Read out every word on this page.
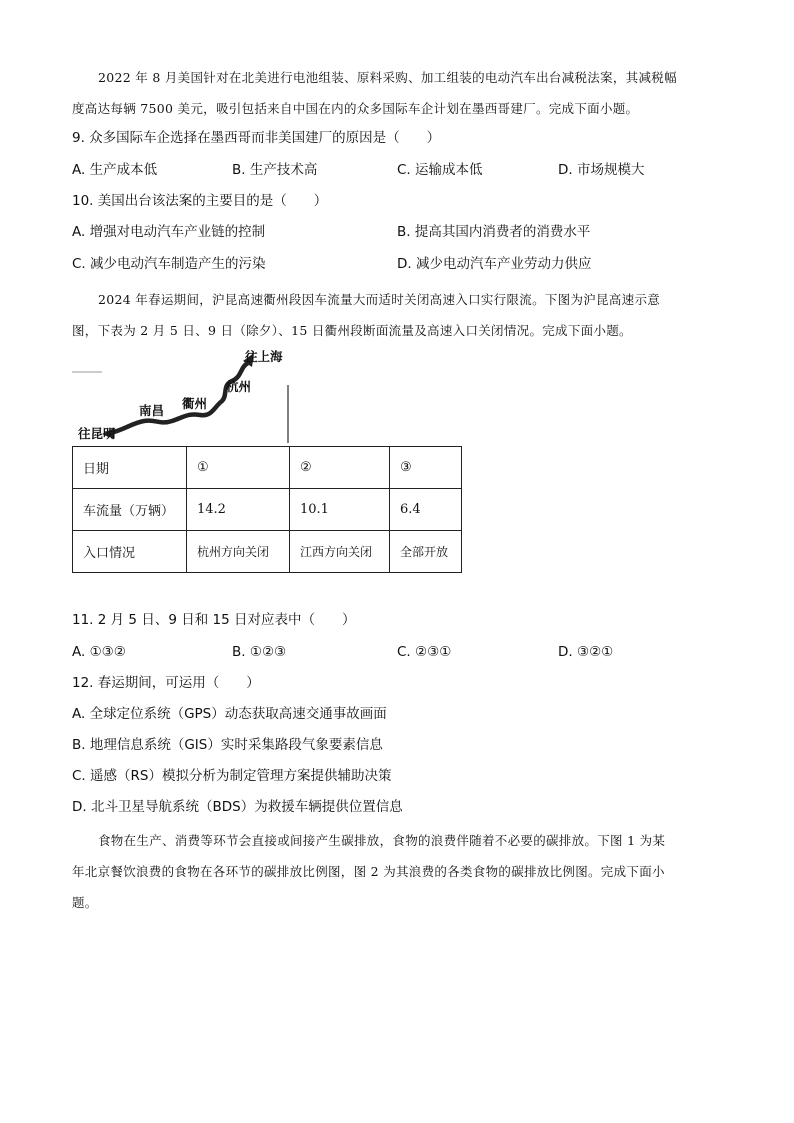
2022 年 8 月美国针对在北美进行电池组装、原料采购、加工组装的电动汽车出台减税法案，其减税幅
度高达每辆 7500 美元，吸引包括来自中国在内的众多国际车企计划在墨西哥建厂。完成下面小题。
9. 众多国际车企选择在墨西哥而非美国建厂的原因是（　　）
A. 生产成本低	B. 生产技术高	C. 运输成本低	D. 市场规模大
10. 美国出台该法案的主要目的是（　　）
A. 增强对电动汽车产业链的控制	B. 提高其国内消费者的消费水平
C. 减少电动汽车制造产生的污染	D. 减少电动汽车产业劳动力供应
2024 年春运期间，沪昆高速衢州段因车流量大而适时关闭高速入口实行限流。下图为沪昆高速示意
图，下表为 2 月 5 日、9 日（除夕）、15 日衢州段断面流量及高速入口关闭情况。完成下面小题。
往上海
杭州
衢州
南昌
往昆明
日期	①	②	③
车流量（万辆）	14.2	10.1	6.4
入口情况	杭州方向关闭	江西方向关闭	全部开放
11. 2 月 5 日、9 日和 15 日对应表中（　　）
A. ①③②	B. ①②③	C. ②③①	D. ③②①
12. 春运期间，可运用（　　）
A. 全球定位系统（GPS）动态获取高速交通事故画面
B. 地理信息系统（GIS）实时采集路段气象要素信息
C. 遥感（RS）模拟分析为制定管理方案提供辅助决策
D. 北斗卫星导航系统（BDS）为救援车辆提供位置信息
食物在生产、消费等环节会直接或间接产生碳排放，食物的浪费伴随着不必要的碳排放。下图 1 为某
年北京餐饮浪费的食物在各环节的碳排放比例图，图 2 为其浪费的各类食物的碳排放比例图。完成下面小
题。
